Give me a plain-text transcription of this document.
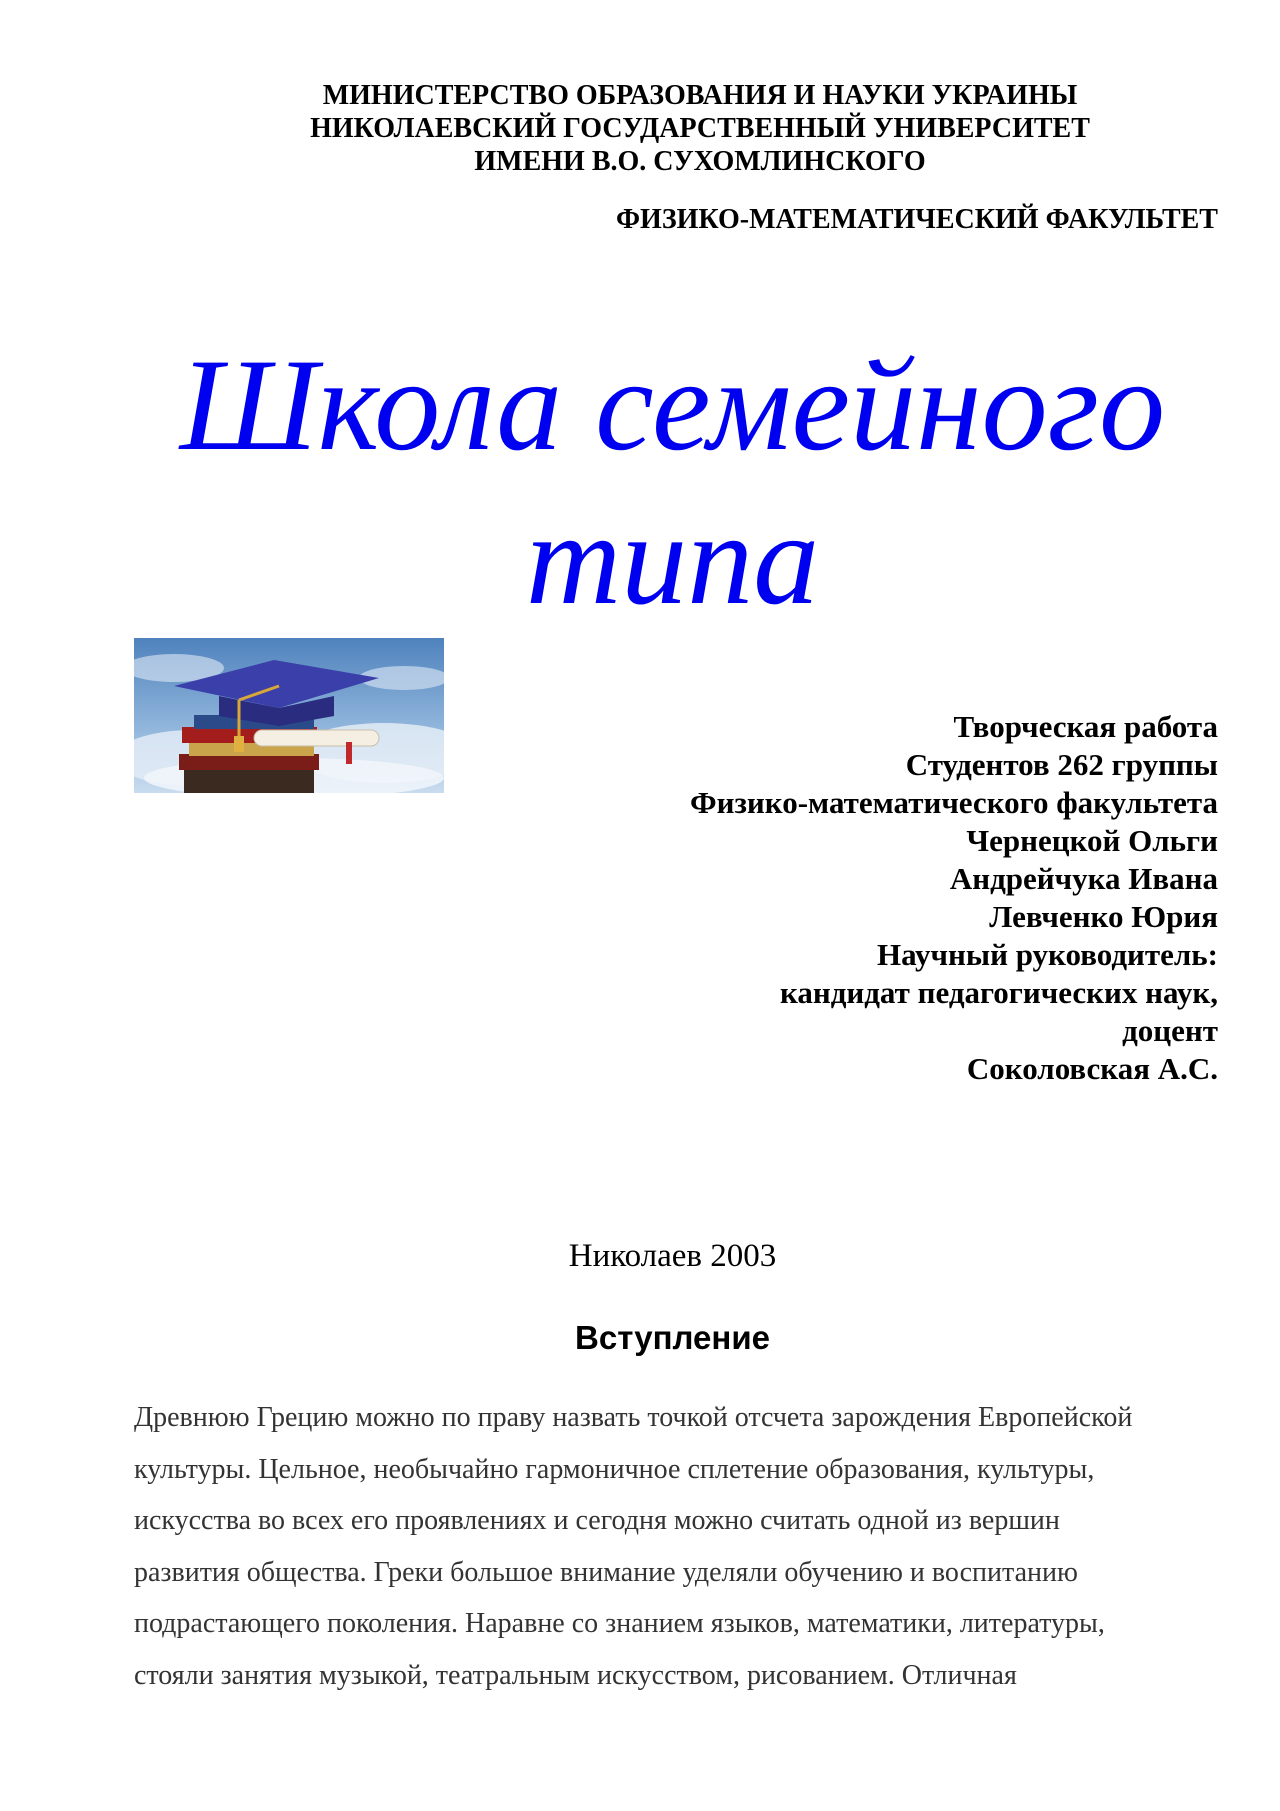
МИНИСТЕРСТВО ОБРАЗОВАНИЯ И НАУКИ УКРАИНЫ
НИКОЛАЕВСКИЙ ГОСУДАРСТВЕННЫЙ УНИВЕРСИТЕТ
ИМЕНИ В.О. СУХОМЛИНСКОГО
ФИЗИКО-МАТЕМАТИЧЕСКИЙ ФАКУЛЬТЕТ
Школа семейного
типа
Творческая работа
Студентов 262 группы
Физико-математического факультета
Чернецкой Ольги
Андрейчука Ивана
Левченко Юрия
Научный руководитель:
кандидат педагогических наук,
доцент
Соколовская А.С.
Николаев 2003
Вступление
Древнюю Грецию можно по праву назвать точкой отсчета зарождения Европейской
культуры. Цельное, необычайно гармоничное сплетение образования, культуры,
искусства во всех его проявлениях и сегодня можно считать одной из вершин
развития общества. Греки большое внимание уделяли обучению и воспитанию
подрастающего поколения. Наравне со знанием языков, математики, литературы,
стояли занятия музыкой, театральным искусством, рисованием. Отличная
